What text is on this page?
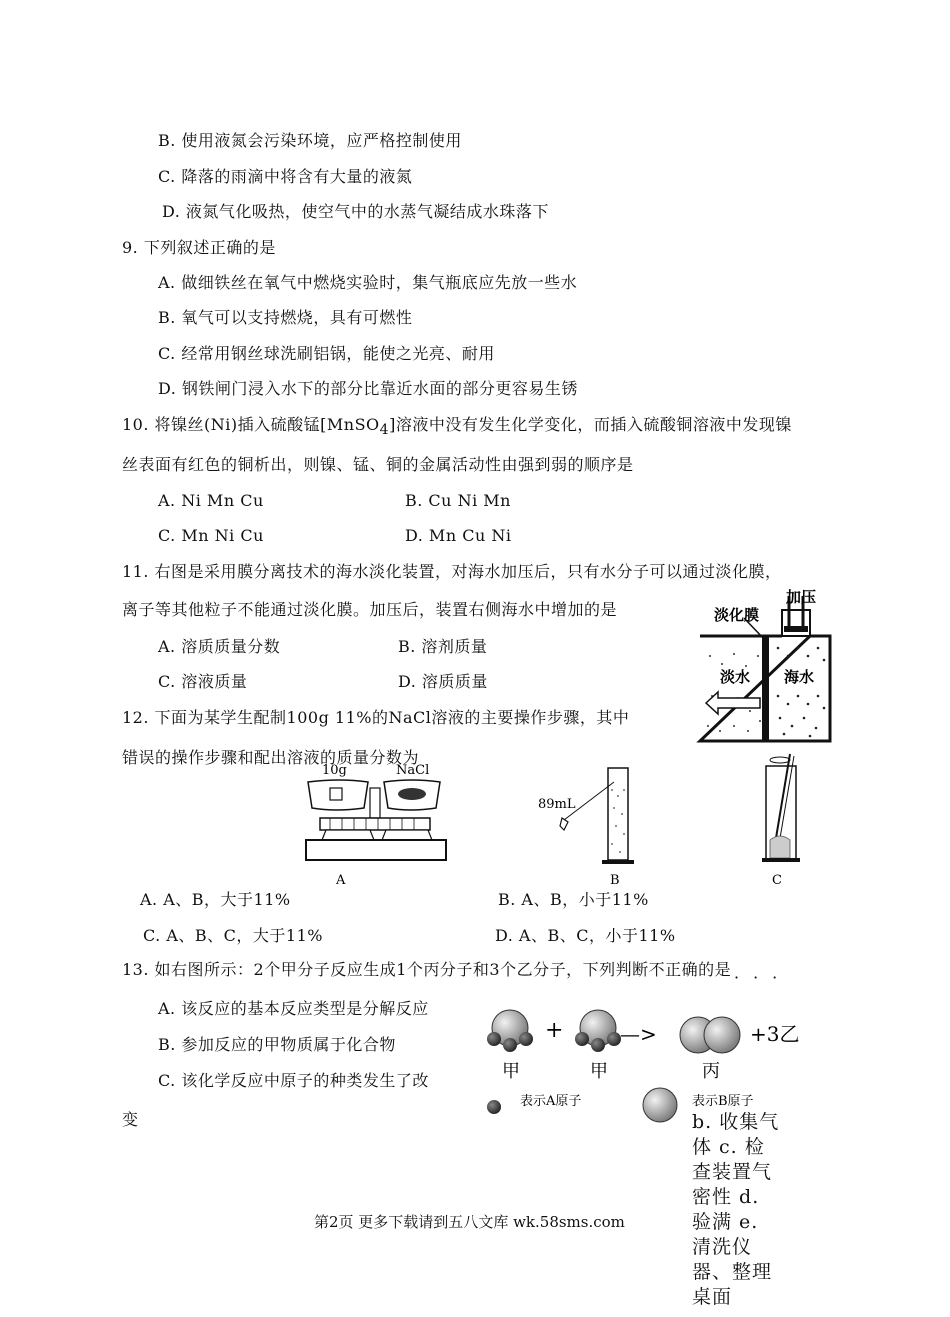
B. 使用液氮会污染环境，应严格控制使用
C. 降落的雨滴中将含有大量的液氮
D. 液氮气化吸热，使空气中的水蒸气凝结成水珠落下
9. 下列叙述正确的是
A. 做细铁丝在氧气中燃烧实验时，集气瓶底应先放一些水
B. 氧气可以支持燃烧，具有可燃性
C. 经常用钢丝球洗刷铝锅，能使之光亮、耐用
D. 钢铁闸门浸入水下的部分比靠近水面的部分更容易生锈
10. 将镍丝(Ni)插入硫酸锰[MnSO$_4$]溶液中没有发生化学变化，而插入硫酸铜溶液中发现镍
丝表面有红色的铜析出，则镍、锰、铜的金属活动性由强到弱的顺序是
A. Ni Mn Cu	B. Cu Ni Mn
C. Mn Ni Cu	D. Mn Cu Ni
11. 右图是采用膜分离技术的海水淡化装置，对海水加压后，只有水分子可以通过淡化膜，
离子等其他粒子不能通过淡化膜。加压后，装置右侧海水中增加的是
A. 溶质质量分数	B. 溶剂质量
C. 溶液质量	D. 溶质质量
淡化膜
加压
淡水 海水
12. 下面为某学生配制100g 11%的NaCl溶液的主要操作步骤，其中
错误的操作步骤和配出溶液的质量分数为
10g	NaCl
A
89mL
B	C
A. A、B，大于11%	B. A、B，小于11%
C. A、B、C，大于11%	D. A、B、C，小于11%
13. 如右图所示：2个甲分子反应生成1个丙分子和3个乙分子，下列判断不正确的是 ···
A. 该反应的基本反应类型是分解反应
B. 参加反应的甲物质属于化合物
C. 该化学反应中原子的种类发生了改
变
+	—>	+3乙
甲	甲	丙
表示A原子	表示B原子
b. 收集气体 c. 检查装置气密性 d. 验满 e. 清洗仪器、整理桌面
第2页 更多下载请到五八文库 wk.58sms.com
